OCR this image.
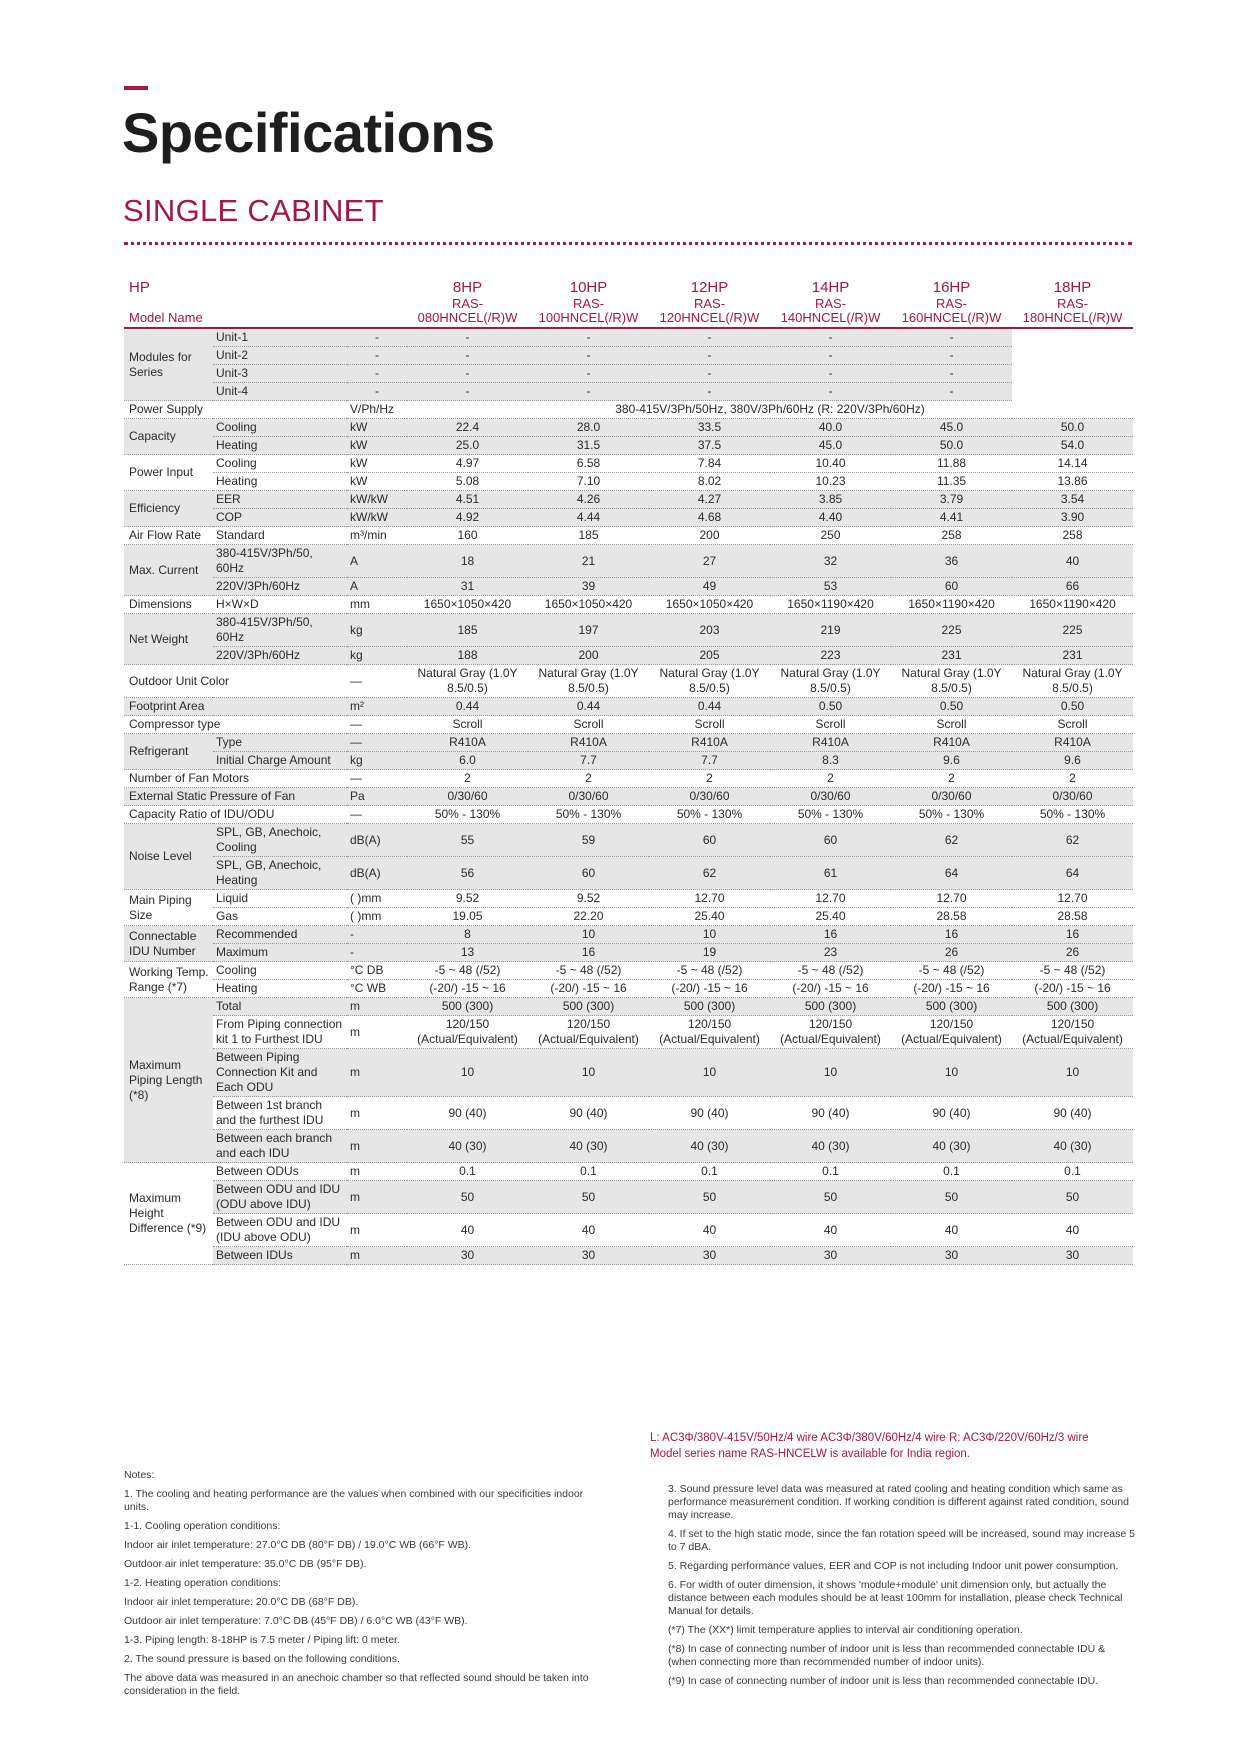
Specifications
SINGLE CABINET
HP			8HP	10HP	12HP	14HP	16HP	18HP
Model Name			RAS-080HNCEL(/R)W	RAS-100HNCEL(/R)W	RAS-120HNCEL(/R)W	RAS-140HNCEL(/R)W	RAS-160HNCEL(/R)W	RAS-180HNCEL(/R)W
Modules for Series	Unit-1	-	-	-	-	-	-	
	Unit-2	-	-	-	-	-	-	
	Unit-3	-	-	-	-	-	-	
	Unit-4	-	-	-	-	-	-	
Power Supply		V/Ph/Hz	380-415V/3Ph/50Hz, 380V/3Ph/60Hz (R: 220V/3Ph/60Hz)					
Capacity	Cooling	kW	22.4	28.0	33.5	40.0	45.0	50.0
	Heating	kW	25.0	31.5	37.5	45.0	50.0	54.0
Power Input	Cooling	kW	4.97	6.58	7.84	10.40	11.88	14.14
	Heating	kW	5.08	7.10	8.02	10.23	11.35	13.86
Efficiency	EER	kW/kW	4.51	4.26	4.27	3.85	3.79	3.54
	COP	kW/kW	4.92	4.44	4.68	4.40	4.41	3.90
Air Flow Rate	Standard	m³/min	160	185	200	250	258	258
Max. Current	380-415V/3Ph/50, 60Hz	A	18	21	27	32	36	40
	220V/3Ph/60Hz	A	31	39	49	53	60	66
Dimensions	H×W×D	mm	1650×1050×420	1650×1050×420	1650×1050×420	1650×1190×420	1650×1190×420	1650×1190×420
Net Weight	380-415V/3Ph/50, 60Hz	kg	185	197	203	219	225	225
	220V/3Ph/60Hz	kg	188	200	205	223	231	231
Outdoor Unit Color		—	Natural Gray (1.0Y 8.5/0.5)	Natural Gray (1.0Y 8.5/0.5)	Natural Gray (1.0Y 8.5/0.5)	Natural Gray (1.0Y 8.5/0.5)	Natural Gray (1.0Y 8.5/0.5)	Natural Gray (1.0Y 8.5/0.5)
Footprint Area		m²	0.44	0.44	0.44	0.50	0.50	0.50
Compressor type		—	Scroll	Scroll	Scroll	Scroll	Scroll	Scroll
Refrigerant	Type	—	R410A	R410A	R410A	R410A	R410A	R410A
	Initial Charge Amount	kg	6.0	7.7	7.7	8.3	9.6	9.6
Number of Fan Motors		—	2	2	2	2	2	2
External Static Pressure of Fan		Pa	0/30/60	0/30/60	0/30/60	0/30/60	0/30/60	0/30/60
Capacity Ratio of IDU/ODU		—	50% - 130%	50% - 130%	50% - 130%	50% - 130%	50% - 130%	50% - 130%
Noise Level	SPL, GB, Anechoic, Cooling	dB(A)	55	59	60	60	62	62
	SPL, GB, Anechoic, Heating	dB(A)	56	60	62	61	64	64
Main Piping Size	Liquid	( )mm	9.52	9.52	12.70	12.70	12.70	12.70
	Gas	( )mm	19.05	22.20	25.40	25.40	28.58	28.58
Connectable IDU Number	Recommended	-	8	10	10	16	16	16
	Maximum	-	13	16	19	23	26	26
Working Temp. Range (*7)	Cooling	°C DB	-5 ~ 48 (/52)	-5 ~ 48 (/52)	-5 ~ 48 (/52)	-5 ~ 48 (/52)	-5 ~ 48 (/52)	-5 ~ 48 (/52)
	Heating	°C WB	(-20/) -15 ~ 16	(-20/) -15 ~ 16	(-20/) -15 ~ 16	(-20/) -15 ~ 16	(-20/) -15 ~ 16	(-20/) -15 ~ 16
Maximum Piping Length (*8)	Total	m	500 (300)	500 (300)	500 (300)	500 (300)	500 (300)	500 (300)
	From Piping connection kit 1 to Furthest IDU	m	120/150 (Actual/Equivalent)	120/150 (Actual/Equivalent)	120/150 (Actual/Equivalent)	120/150 (Actual/Equivalent)	120/150 (Actual/Equivalent)	120/150 (Actual/Equivalent)
	Between Piping Connection Kit and Each ODU	m	10	10	10	10	10	10
	Between 1st branch and the furthest IDU	m	90 (40)	90 (40)	90 (40)	90 (40)	90 (40)	90 (40)
	Between each branch and each IDU	m	40 (30)	40 (30)	40 (30)	40 (30)	40 (30)	40 (30)
Maximum Height Difference (*9)	Between ODUs	m	0.1	0.1	0.1	0.1	0.1	0.1
	Between ODU and IDU (ODU above IDU)	m	50	50	50	50	50	50
	Between ODU and IDU (IDU above ODU)	m	40	40	40	40	40	40
	Between IDUs	m	30	30	30	30	30	30
L: AC3Φ/380V-415V/50Hz/4 wire AC3Φ/380V/60Hz/4 wire R: AC3Φ/220V/60Hz/3 wire
Model series name RAS-HNCELW is available for India region.

Notes:

1. The cooling and heating performance are the values when combined with our specificities indoor units.

1-1. Cooling operation conditions:

Indoor air inlet temperature: 27.0°C DB (80°F DB) / 19.0°C WB (66°F WB).

Outdoor air inlet temperature: 35.0°C DB (95°F DB).

1-2. Heating operation conditions:

Indoor air inlet temperature: 20.0°C DB (68°F DB).

Outdoor air inlet temperature: 7.0°C DB (45°F DB) / 6.0°C WB (43°F WB).

1-3. Piping length: 8-18HP is 7.5 meter / Piping lift: 0 meter.

2. The sound pressure is based on the following conditions.

The above data was measured in an anechoic chamber so that reflected sound should be taken into consideration in the field.

3. Sound pressure level data was measured at rated cooling and heating condition which same as performance measurement condition. If working condition is different against rated condition, sound may increase.

4. If set to the high static mode, since the fan rotation speed will be increased, sound may increase 5 to 7 dBA.

5. Regarding performance values, EER and COP is not including Indoor unit power consumption.

6. For width of outer dimension, it shows 'module+module' unit dimension only, but actually the distance between each modules should be at least 100mm for installation, please check Technical Manual for details.

(*7) The (XX*) limit temperature applies to interval air conditioning operation.

(*8) In case of connecting number of indoor unit is less than recommended connectable IDU & (when connecting more than recommended number of indoor units).

(*9) In case of connecting number of indoor unit is less than recommended connectable IDU.
